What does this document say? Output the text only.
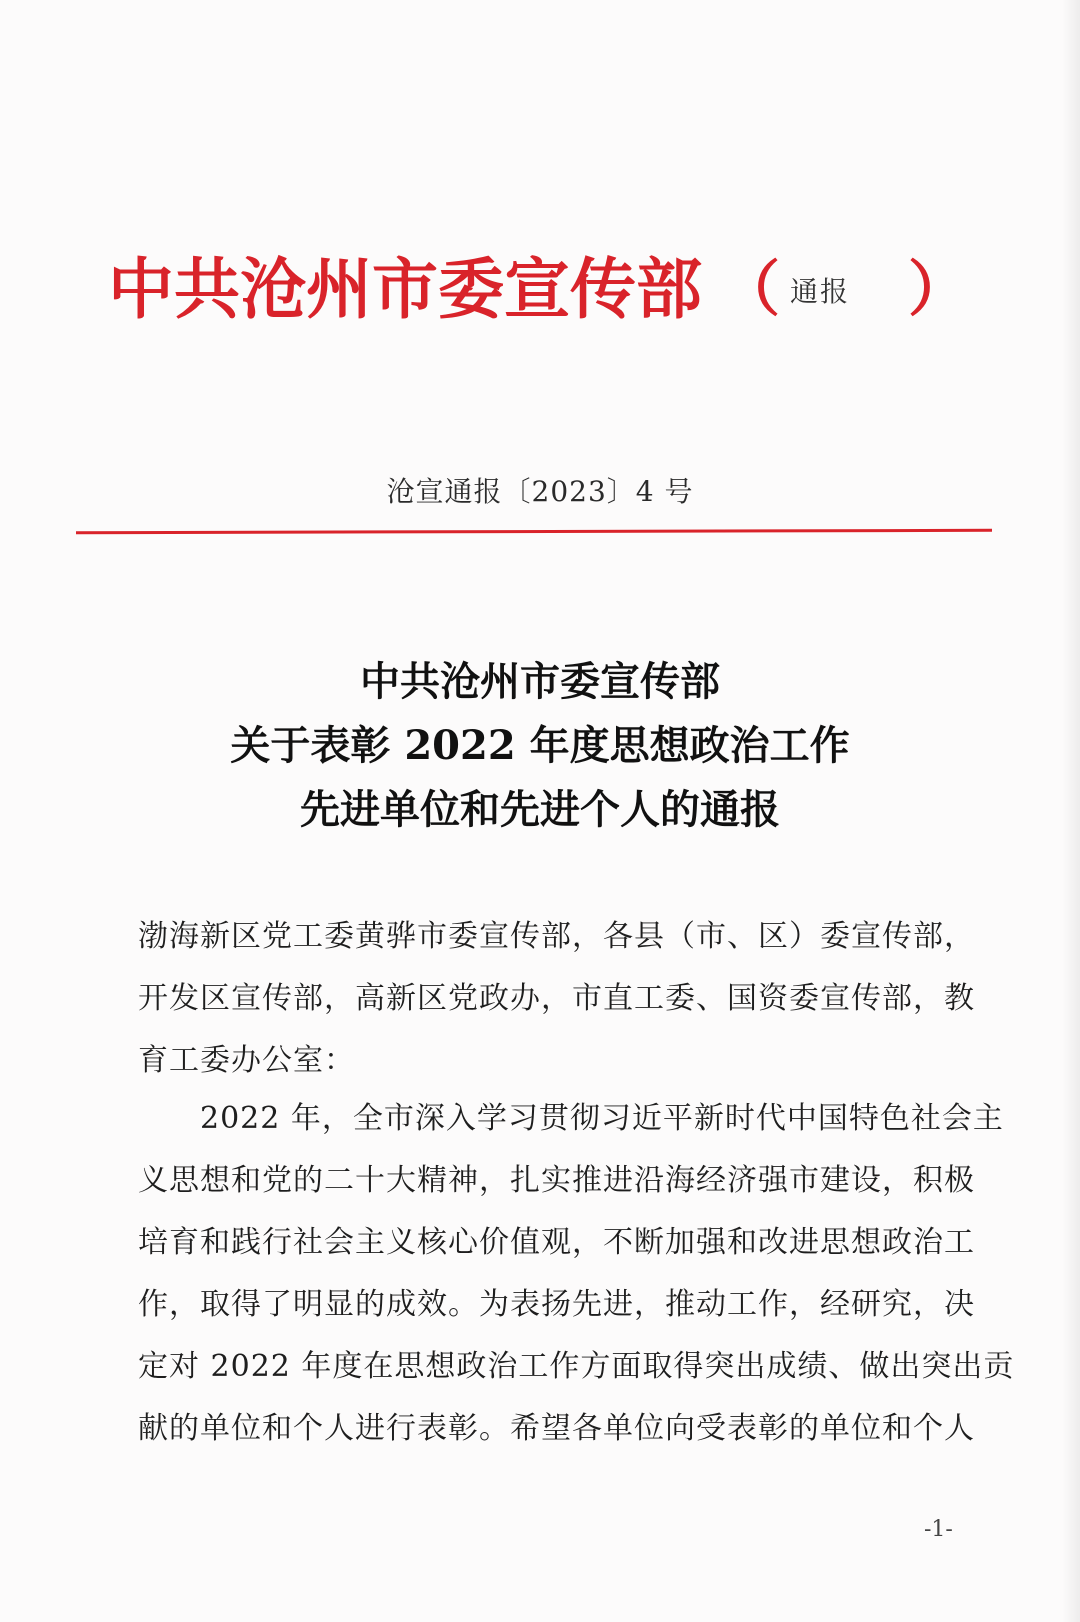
中共沧州市委宣传部 （ 通报 ）
沧宣通报〔2023〕4 号
中共沧州市委宣传部
关于表彰 2022 年度思想政治工作
先进单位和先进个人的通报
渤海新区党工委黄骅市委宣传部，各县（市、区）委宣传部，
开发区宣传部，高新区党政办，市直工委、国资委宣传部，教
育工委办公室：
　　2022 年，全市深入学习贯彻习近平新时代中国特色社会主
义思想和党的二十大精神，扎实推进沿海经济强市建设，积极
培育和践行社会主义核心价值观，不断加强和改进思想政治工
作，取得了明显的成效。为表扬先进，推动工作，经研究，决
定对 2022 年度在思想政治工作方面取得突出成绩、做出突出贡
献的单位和个人进行表彰。希望各单位向受表彰的单位和个人
-1-
